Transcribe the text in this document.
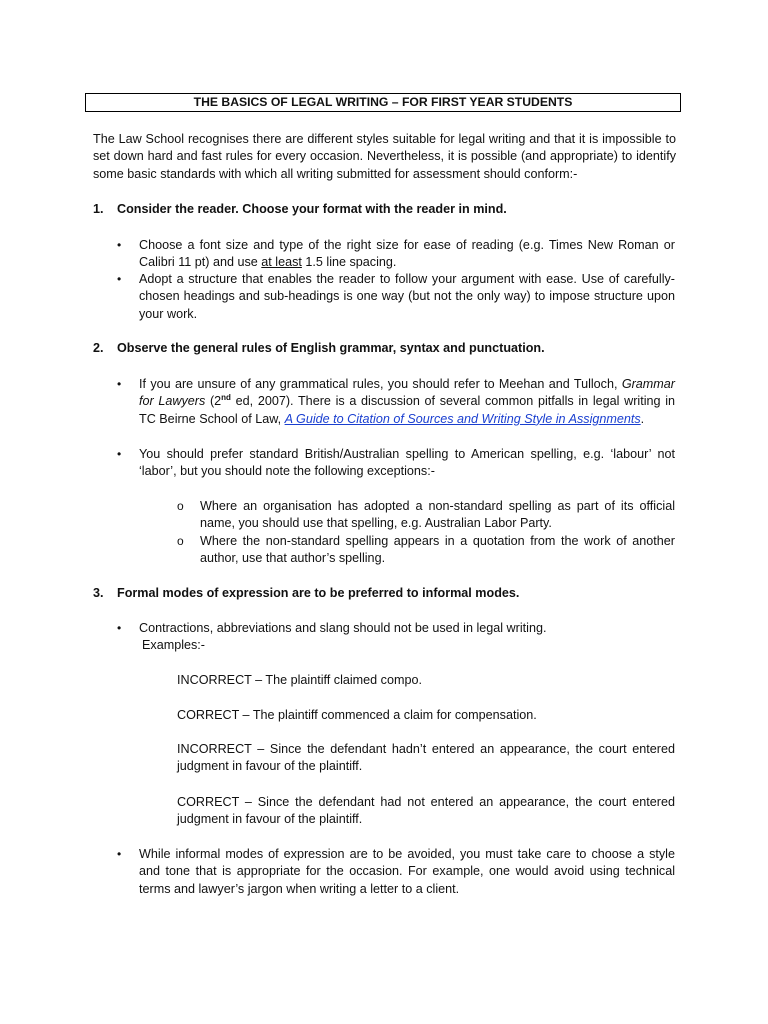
THE BASICS OF LEGAL WRITING – FOR FIRST YEAR STUDENTS

The Law School recognises there are different styles suitable for legal writing and that it is impossible to set down hard and fast rules for every occasion. Nevertheless, it is possible (and appropriate) to identify some basic standards with which all writing submitted for assessment should conform:-

1. Consider the reader. Choose your format with the reader in mind.

• Choose a font size and type of the right size for ease of reading (e.g. Times New Roman or Calibri 11 pt) and use at least 1.5 line spacing.

• Adopt a structure that enables the reader to follow your argument with ease. Use of carefully-chosen headings and sub-headings is one way (but not the only way) to impose structure upon your work.

2. Observe the general rules of English grammar, syntax and punctuation.

• If you are unsure of any grammatical rules, you should refer to Meehan and Tulloch, Grammar for Lawyers (2nd ed, 2007). There is a discussion of several common pitfalls in legal writing in TC Beirne School of Law, A Guide to Citation of Sources and Writing Style in Assignments.

• You should prefer standard British/Australian spelling to American spelling, e.g. ‘labour’ not ‘labor’, but you should note the following exceptions:-

o Where an organisation has adopted a non-standard spelling as part of its official name, you should use that spelling, e.g. Australian Labor Party.

o Where the non-standard spelling appears in a quotation from the work of another author, use that author’s spelling.

3. Formal modes of expression are to be preferred to informal modes.

• Contractions, abbreviations and slang should not be used in legal writing.

Examples:-

INCORRECT – The plaintiff claimed compo.

CORRECT – The plaintiff commenced a claim for compensation.

INCORRECT – Since the defendant hadn’t entered an appearance, the court entered judgment in favour of the plaintiff.

CORRECT – Since the defendant had not entered an appearance, the court entered judgment in favour of the plaintiff.

• While informal modes of expression are to be avoided, you must take care to choose a style and tone that is appropriate for the occasion. For example, one would avoid using technical terms and lawyer’s jargon when writing a letter to a client.
